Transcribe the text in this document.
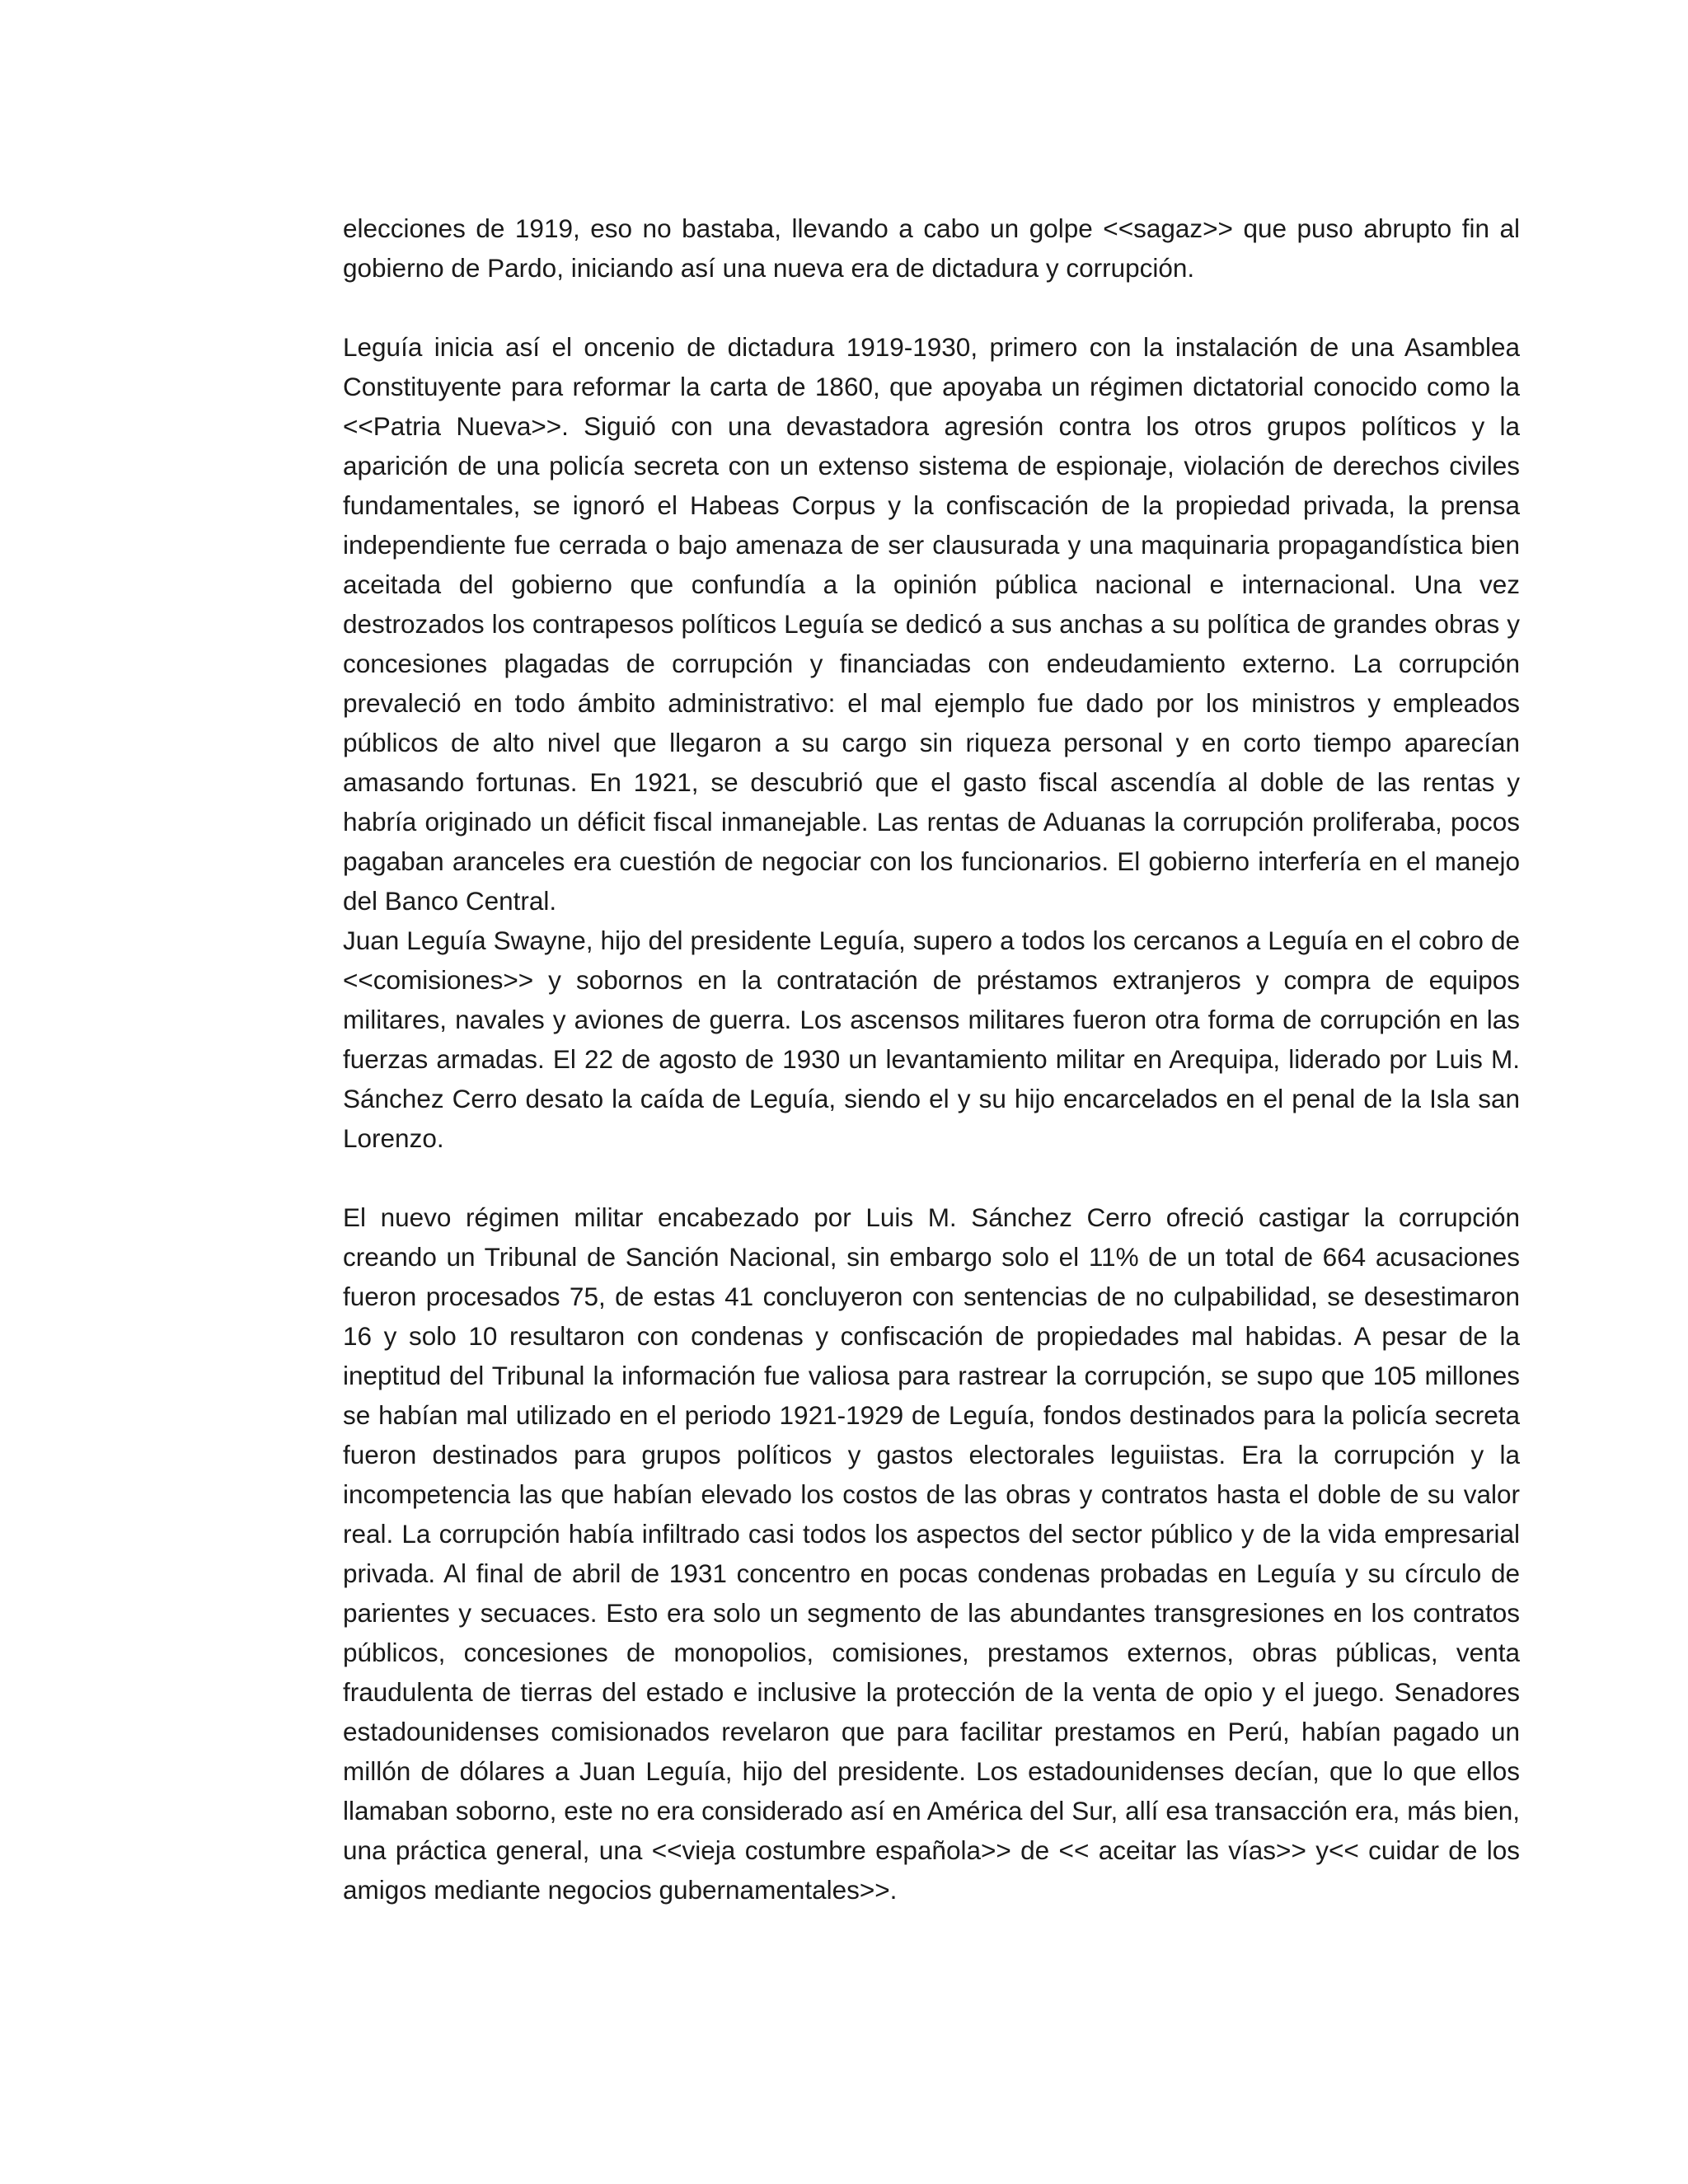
elecciones de 1919, eso no bastaba, llevando a cabo un golpe <<sagaz>> que puso abrupto fin al gobierno de Pardo, iniciando así una nueva era de dictadura y corrupción.

Leguía inicia así el oncenio de dictadura 1919-1930, primero con la instalación de una Asamblea Constituyente para reformar la carta de 1860, que apoyaba un régimen dictatorial conocido como la <<Patria Nueva>>. Siguió con una devastadora agresión contra los otros grupos políticos y la aparición de una policía secreta con un extenso sistema de espionaje, violación de derechos civiles fundamentales, se ignoró el Habeas Corpus y la confiscación de la propiedad privada, la prensa independiente fue cerrada o bajo amenaza de ser clausurada y una maquinaria propagandística bien aceitada del gobierno que confundía a la opinión pública nacional e internacional. Una vez destrozados los contrapesos políticos Leguía se dedicó a sus anchas a su política de grandes obras y concesiones plagadas de corrupción y financiadas con endeudamiento externo. La corrupción prevaleció en todo ámbito administrativo: el mal ejemplo fue dado por los ministros y empleados públicos de alto nivel que llegaron a su cargo sin riqueza personal y en corto tiempo aparecían amasando fortunas. En 1921, se descubrió que el gasto fiscal ascendía al doble de las rentas y habría originado un déficit fiscal inmanejable. Las rentas de Aduanas la corrupción proliferaba, pocos pagaban aranceles era cuestión de negociar con los funcionarios. El gobierno interfería en el manejo del Banco Central.

Juan Leguía Swayne, hijo del presidente Leguía, supero a todos los cercanos a Leguía en el cobro de <<comisiones>> y sobornos en la contratación de préstamos extranjeros y compra de equipos militares, navales y aviones de guerra. Los ascensos militares fueron otra forma de corrupción en las fuerzas armadas. El 22 de agosto de 1930 un levantamiento militar en Arequipa, liderado por Luis M. Sánchez Cerro desato la caída de Leguía, siendo el y su hijo encarcelados en el penal de la Isla san Lorenzo.

El nuevo régimen militar encabezado por Luis M. Sánchez Cerro ofreció castigar la corrupción creando un Tribunal de Sanción Nacional, sin embargo solo el 11% de un total de 664 acusaciones fueron procesados 75, de estas 41 concluyeron con sentencias de no culpabilidad, se desestimaron 16 y solo 10 resultaron con condenas y confiscación de propiedades mal habidas. A pesar de la ineptitud del Tribunal la información fue valiosa para rastrear la corrupción, se supo que 105 millones se habían mal utilizado en el periodo 1921-1929 de Leguía, fondos destinados para la policía secreta fueron destinados para grupos políticos y gastos electorales leguiistas. Era la corrupción y la incompetencia las que habían elevado los costos de las obras y contratos hasta el doble de su valor real. La corrupción había infiltrado casi todos los aspectos del sector público y de la vida empresarial privada. Al final de abril de 1931 concentro en pocas condenas probadas en Leguía y su círculo de parientes y secuaces. Esto era solo un segmento de las abundantes transgresiones en los contratos públicos, concesiones de monopolios, comisiones, prestamos externos, obras públicas, venta fraudulenta de tierras del estado e inclusive la protección de la venta de opio y el juego. Senadores estadounidenses comisionados revelaron que para facilitar prestamos en Perú, habían pagado un millón de dólares a Juan Leguía, hijo del presidente. Los estadounidenses decían, que lo que ellos llamaban soborno, este no era considerado así en América del Sur, allí esa transacción era, más bien, una práctica general, una <<vieja costumbre española>> de << aceitar las vías>> y<< cuidar de los amigos mediante negocios gubernamentales>>.
